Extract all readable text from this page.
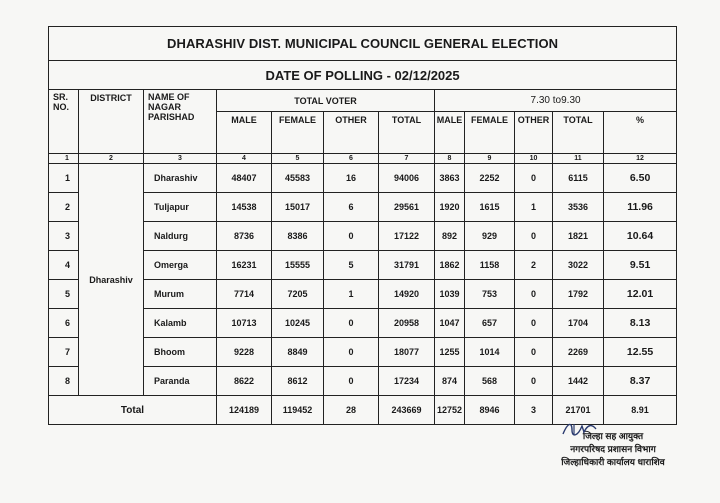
DHARASHIV DIST. MUNICIPAL COUNCIL GENERAL ELECTION											
DATE OF POLLING - 02/12/2025											
SR. NO.	DISTRICT	NAME OF NAGAR PARISHAD	TOTAL VOTER				7.30 to9.30				
			MALE	FEMALE	OTHER	TOTAL	MALE	FEMALE	OTHER	TOTAL	%
1	2	3	4	5	6	7	8	9	10	11	12
1	Dharashiv	Dharashiv	48407	45583	16	94006	3863	2252	0	6115	6.50
2		Tuljapur	14538	15017	6	29561	1920	1615	1	3536	11.96
3		Naldurg	8736	8386	0	17122	892	929	0	1821	10.64
4		Omerga	16231	15555	5	31791	1862	1158	2	3022	9.51
5		Murum	7714	7205	1	14920	1039	753	0	1792	12.01
6		Kalamb	10713	10245	0	20958	1047	657	0	1704	8.13
7		Bhoom	9228	8849	0	18077	1255	1014	0	2269	12.55
8		Paranda	8622	8612	0	17234	874	568	0	1442	8.37
Total			124189	119452	28	243669	12752	8946	3	21701	8.91
जिल्हा सह आयुक्त
नगरपरिषद प्रशासन विभाग
जिल्हाधिकारी कार्यालय धाराशिव
